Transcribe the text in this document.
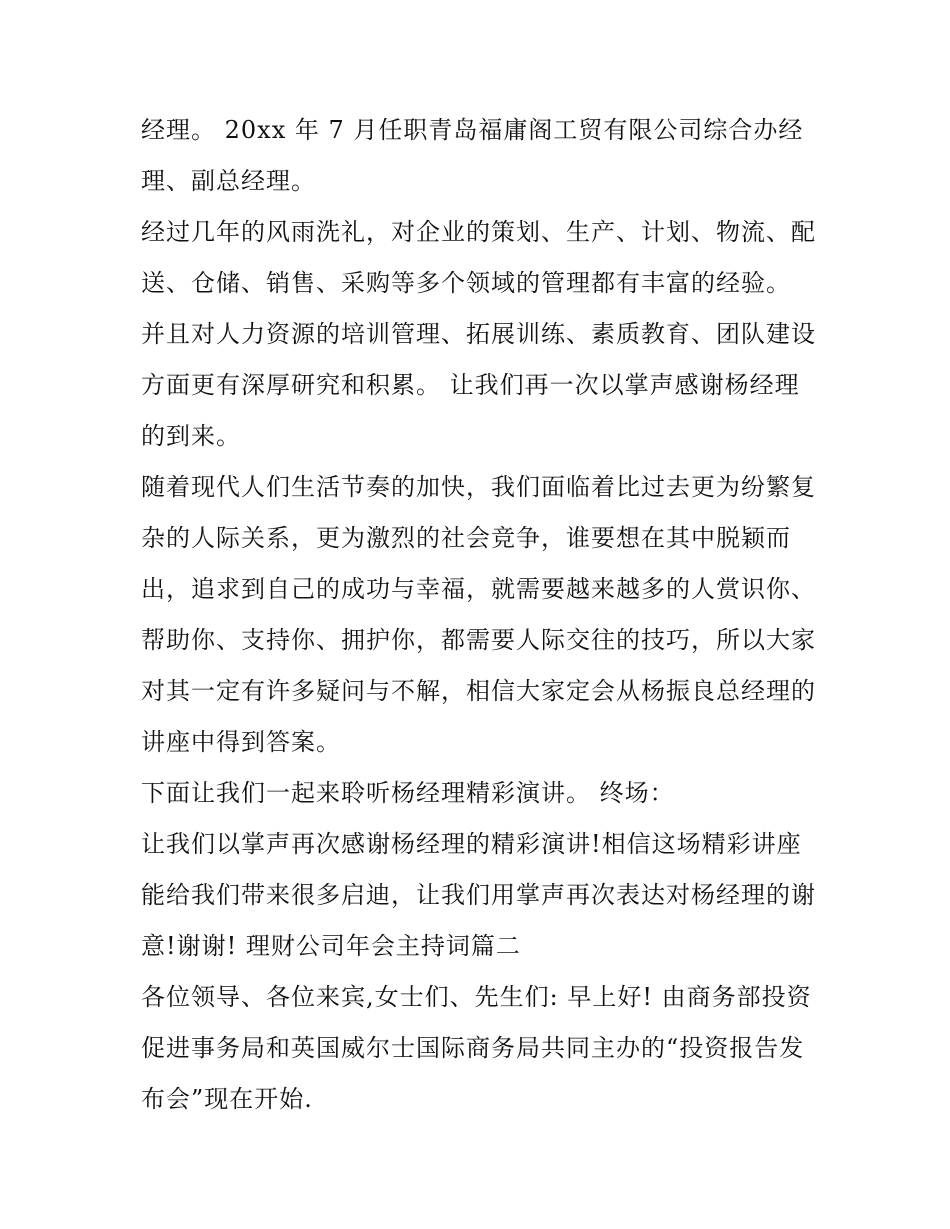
经理。 20xx 年 7 月任职青岛福庸阁工贸有限公司综合办经
理、副总经理。
经过几年的风雨洗礼，对企业的策划、生产、计划、物流、配
送、仓储、销售、采购等多个领域的管理都有丰富的经验。
并且对人力资源的培训管理、拓展训练、素质教育、团队建设
方面更有深厚研究和积累。 让我们再一次以掌声感谢杨经理
的到来。
随着现代人们生活节奏的加快，我们面临着比过去更为纷繁复
杂的人际关系，更为激烈的社会竞争，谁要想在其中脱颖而
出，追求到自己的成功与幸福，就需要越来越多的人赏识你、
帮助你、支持你、拥护你，都需要人际交往的技巧，所以大家
对其一定有许多疑问与不解，相信大家定会从杨振良总经理的
讲座中得到答案。
下面让我们一起来聆听杨经理精彩演讲。 终场：
让我们以掌声再次感谢杨经理的精彩演讲!相信这场精彩讲座
能给我们带来很多启迪，让我们用掌声再次表达对杨经理的谢
意!谢谢! 理财公司年会主持词篇二
各位领导、各位来宾,女士们、先生们: 早上好! 由商务部投资
促进事务局和英国威尔士国际商务局共同主办的“投资报告发
布会”现在开始.
